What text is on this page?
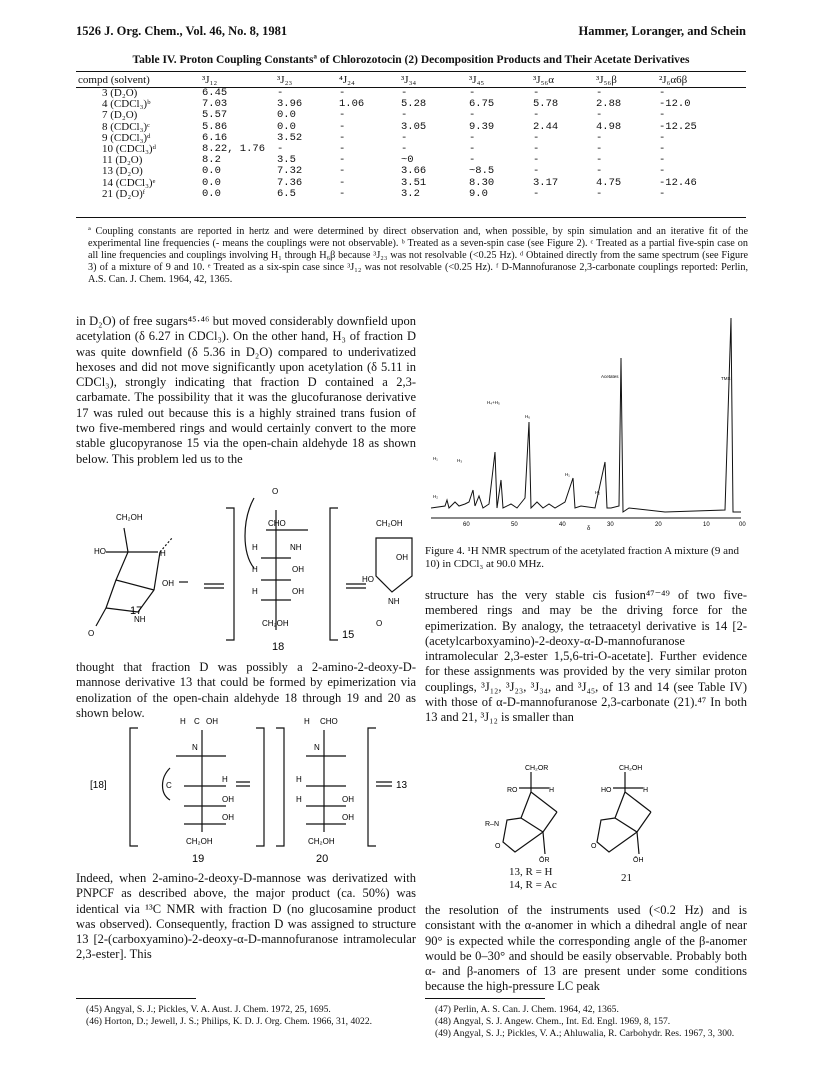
1526 J. Org. Chem., Vol. 46, No. 8, 1981	Hammer, Loranger, and Schein
Table IV. Proton Coupling Constantsª of Chlorozotocin (2) Decomposition Products and Their Acetate Derivatives
compd (solvent)	³J₁₂	³J₂₃	⁴J₂₄	³J₃₄	³J₄₅	³J₅₆α	³J₅₆β	²J₆α6β
3 (D₂O)	6.45	-	-	-	-	-	-	-
4 (CDCl₃)ᵇ	7.03	3.96	1.06	5.28	6.75	5.78	2.88	-12.0
7 (D₂O)	5.57	0.0	-	-	-	-	-	-
8 (CDCl₃)ᶜ	5.86	0.0	-	3.05	9.39	2.44	4.98	-12.25
9 (CDCl₃)ᵈ	6.16	3.52	-	-	-	-	-	-
10 (CDCl₃)ᵈ	8.22, 1.76	-	-	-	-	-	-	-
11 (D₂O)	8.2	3.5	-	~0	-	-	-	-
13 (D₂O)	0.0	7.32	-	3.66	~8.5	-	-	-
14 (CDCl₃)ᵉ	0.0	7.36	-	3.51	8.30	3.17	4.75	-12.46
21 (D₂O)ᶠ	0.0	6.5	-	3.2	9.0	-	-	-
ª Coupling constants are reported in hertz and were determined by direct observation and, when possible, by spin simulation and an iterative fit of the experimental line frequencies (- means the couplings were not observable). ᵇ Treated as a seven-spin case (see Figure 2). ᶜ Treated as a partial five-spin case on all line frequencies and couplings involving H₁ through H₆β because ³J₂₃ was not resolvable (<0.25 Hz). ᵈ Obtained directly from the same spectrum (see Figure 3) of a mixture of 9 and 10. ᵉ Treated as a six-spin case since ³J₁₂ was not resolvable (<0.25 Hz). ᶠ D-Mannofuranose 2,3-carbonate couplings reported: Perlin, A.S. Can. J. Chem. 1964, 42, 1365.
in D₂O) of free sugars⁴⁵·⁴⁶ but moved considerably downfield upon acetylation (δ 6.27 in CDCl₃). On the other hand, H₃ of fraction D was quite downfield (δ 5.36 in D₂O) compared to underivatized hexoses and did not move significantly upon acetylation (δ 5.11 in CDCl₃), strongly indicating that fraction D contained a 2,3-carbamate. The possibility that it was the glucofuranose derivative 17 was ruled out because this is a highly strained trans fusion of two five-membered rings and would certainly convert to the more stable glucopyranose 15 via the open-chain aldehyde 18 as shown below. This problem led us to the
CH₂OH
HO	H
OH
O
NH
CHO
H	NH
H	OH
H	OH
CH₂OH
O
CH₂OH
OH
HO
NH
O
17
18
15
thought that fraction D was possibly a 2-amino-2-deoxy-D-mannose derivative 13 that could be formed by epimerization via enolization of the open-chain aldehyde 18 through 19 and 20 as shown below.
[18]	13
H C OH
N
C
H
OH
OH
CH₂OH
H CHO
N
H
H	OH
OH
CH₂OH
19	20
Indeed, when 2-amino-2-deoxy-D-mannose was derivatized with PNPCF as described above, the major product (ca. 50%) was identical via ¹³C NMR with fraction D (no glucosamine product was observed). Consequently, fraction D was assigned to structure 13 [2-(carboxyamino)-2-deoxy-α-D-mannofuranose intramolecular 2,3-ester]. This
(45) Angyal, S. J.; Pickles, V. A. Aust. J. Chem. 1972, 25, 1695.
(46) Horton, D.; Jewell, J. S.; Philips, K. D. J. Org. Chem. 1966, 31, 4022.
60	50	40	30	20	10	00
Acetates	TMS
H₄+H₅
H₆
H₁	H₃
H₁
H₂
H₂
δ
Figure 4. ¹H NMR spectrum of the acetylated fraction A mixture (9 and 10) in CDCl₃ at 90.0 MHz.
structure has the very stable cis fusion⁴⁷⁻⁴⁹ of two five-membered rings and may be the driving force for the epimerization. By analogy, the tetraacetyl derivative is 14 [2-(acetylcarboxyamino)-2-deoxy-α-D-mannofuranose intramolecular 2,3-ester 1,5,6-tri-O-acetate]. Further evidence for these assignments was provided by the very similar proton couplings, ³J₁₂, ³J₂₃, ³J₃₄, and ³J₄₅, of 13 and 14 (see Table IV) with those of α-D-mannofuranose 2,3-carbonate (21).⁴⁷ In both 13 and 21, ³J₁₂ is smaller than
CH₂OR
RO	H
R–N
O
ŌR
CH₂OH
HO	H
O
ŌH
13, R = H
14, R = Ac
21
the resolution of the instruments used (<0.2 Hz) and is consistant with the α-anomer in which a dihedral angle of near 90° is expected while the corresponding angle of the β-anomer would be 0–30° and should be easily observable. Probably both α- and β-anomers of 13 are present under some conditions because the high-pressure LC peak
(47) Perlin, A. S. Can. J. Chem. 1964, 42, 1365.
(48) Angyal, S. J. Angew. Chem., Int. Ed. Engl. 1969, 8, 157.
(49) Angyal, S. J.; Pickles, V. A.; Ahluwalia, R. Carbohydr. Res. 1967, 3, 300.
